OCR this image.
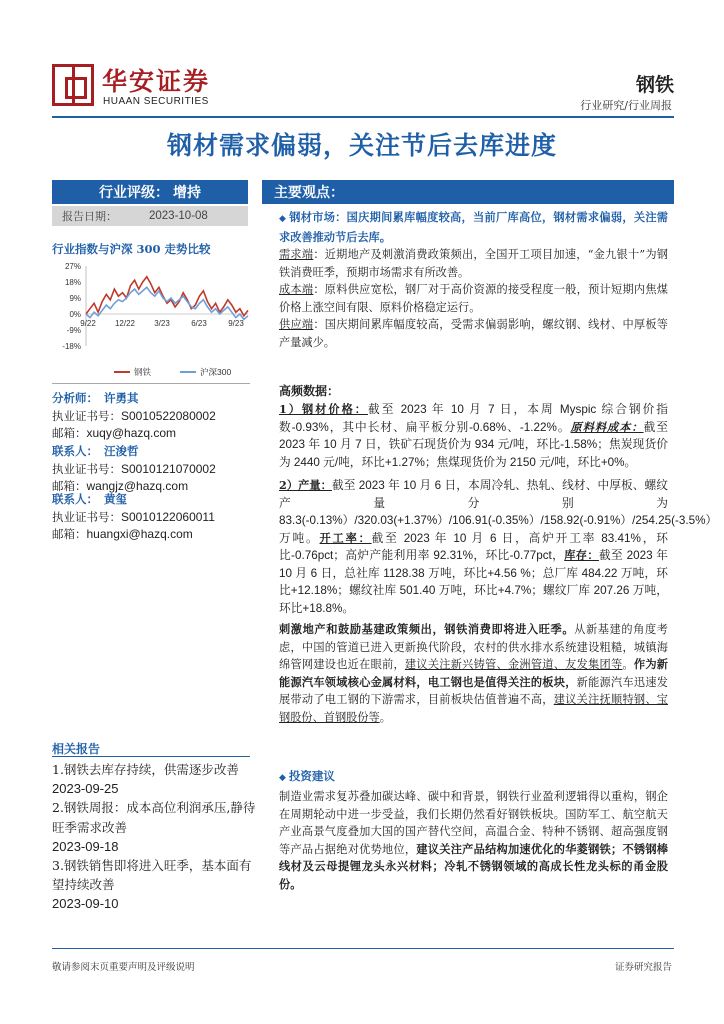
华安证券
HUAAN SECURITIES
钢铁
行业研究/行业周报
钢材需求偏弱，关注节后去库进度
行业评级： 增持
报告日期：	2023-10-08
行业指数与沪深 300 走势比较
27%
18%
9%
0%
-9%
-18%
9/22 12/22 3/23	6/23	9/23
钢铁	沪深300
分析师： 许勇其
执业证书号：S0010522080002
邮箱：xuqy@hazq.com
联系人： 汪浚哲
执业证书号：S0010121070002
邮箱：wangjz@hazq.com
联系人： 黄玺
执业证书号：S0010122060011
邮箱：huangxi@hazq.com
相关报告
1.钢铁去库存持续，供需逐步改善
2023-09-25
2.钢铁周报：成本高位利润承压,静待旺季需求改善
2023-09-18
3.钢铁销售即将进入旺季，基本面有望持续改善
2023-09-10
主要观点：
◆ 钢材市场：国庆期间累库幅度较高，当前厂库高位，钢材需求偏弱，关注需求改善推动节后去库。
需求端：近期地产及刺激消费政策频出，全国开工项目加速，“金九银十”为钢铁消费旺季，预期市场需求有所改善。
成本端：原料供应宽松，钢厂对于高价资源的接受程度一般，预计短期内焦煤价格上涨空间有限、原料价格稳定运行。
供应端：国庆期间累库幅度较高，受需求偏弱影响，螺纹钢、线材、中厚板等产量减少。
高频数据：
1）钢材价格：截至 2023 年 10 月 7 日，本周 Myspic 综合钢价指数-0.93%，其中长材、扁平板分别-0.68%、-1.22%。原料料成本：截至 2023 年 10 月 7 日，铁矿石现货价为 934 元/吨，环比-1.58%；焦炭现货价为 2440 元/吨，环比+1.27%；焦煤现货价为 2150 元/吨，环比+0%。
2）产量：截至 2023 年 10 月 6 日，本周冷轧、热轧、线材、中厚板、螺纹产量分别为 83.3(-0.13%）/320.03(+1.37%）/106.91(-0.35%）/158.92(-0.91%）/254.25(-3.5%）万吨。开工率：截至 2023 年 10 月 6 日，高炉开工率 83.41%，环比-0.76pct；高炉产能利用率 92.31%，环比-0.77pct，库存：截至 2023 年 10 月 6 日，总社库 1128.38 万吨，环比+4.56 %；总厂库 484.22 万吨，环比+12.18%；螺纹社库 501.40 万吨，环比+4.7%；螺纹厂库 207.26 万吨，环比+18.8%。
刺激地产和鼓励基建政策频出，钢铁消费即将进入旺季。从新基建的角度考虑，中国的管道已进入更新换代阶段，农村的供水排水系统建设粗糙，城镇海绵管网建设也近在眼前，建议关注新兴铸管、金洲管道、友发集团等。作为新能源汽车领域核心金属材料，电工钢也是值得关注的板块，新能源汽车迅速发展带动了电工钢的下游需求，目前板块估值普遍不高，建议关注抚顺特钢、宝钢股份、首钢股份等。
◆ 投资建议
制造业需求复苏叠加碳达峰、碳中和背景，钢铁行业盈利逻辑得以重构，钢企在周期轮动中进一步受益，我们长期仍然看好钢铁板块。国防军工、航空航天产业高景气度叠加大国的国产替代空间，高温合金、特种不锈钢、超高强度钢等产品占据绝对优势地位，建议关注产品结构加速优化的华菱钢铁；不锈钢棒线材及云母提锂龙头永兴材料；冷轧不锈钢领域的高成长性龙头标的甬金股份。
敬请参阅末页重要声明及评级说明	证券研究报告
